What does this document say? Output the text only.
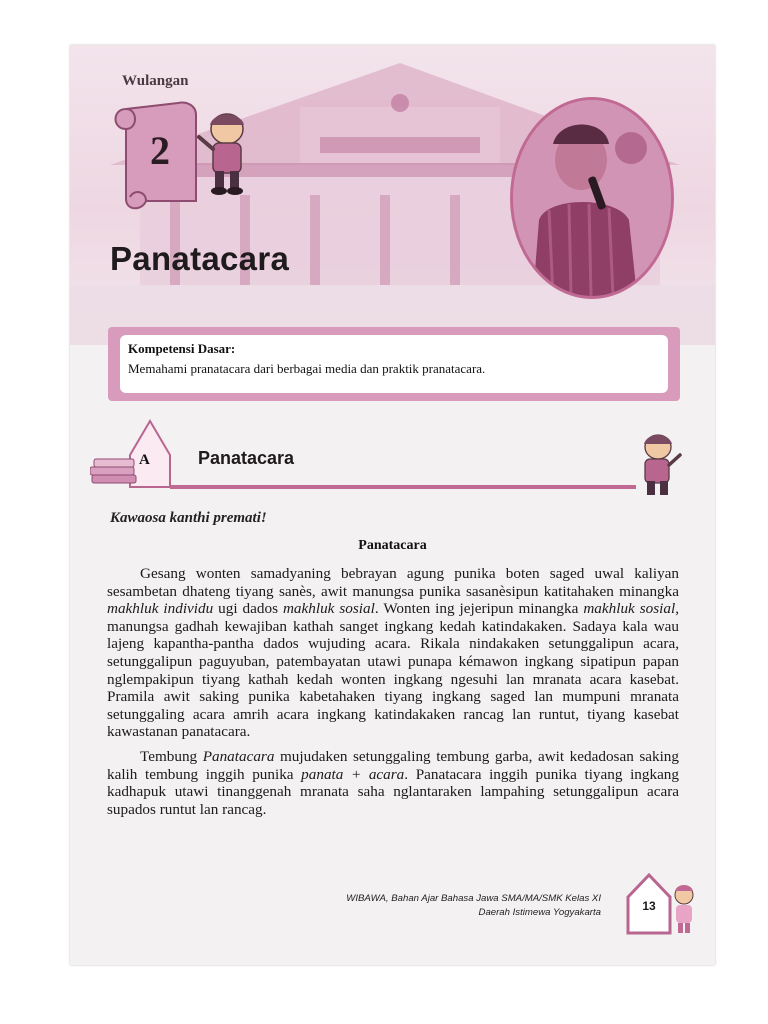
Wulangan
2
Panatacara
Kompetensi Dasar:
Memahami pranatacara dari berbagai media dan praktik pranatacara.
A	Panatacara
Kawaosa kanthi premati!
Panatacara

Gesang wonten samadyaning bebrayan agung punika boten saged uwal kaliyan sesambetan dhateng tiyang sanès, awit manungsa punika sasanèsipun katitahaken minangka makhluk individu ugi dados makhluk sosial. Wonten ing jejeripun minangka makhluk sosial, manungsa gadhah kewajiban kathah sanget ingkang kedah katindakaken. Sadaya kala wau lajeng kapantha-pantha dados wujuding acara. Rikala nindakaken setunggalipun acara, setunggalipun paguyuban, patembayatan utawi punapa kémawon ingkang sipatipun papan nglempakipun tiyang kathah kedah wonten ingkang ngesuhi lan mranata acara kasebat. Pramila awit saking punika kabetahaken tiyang ingkang saged lan mumpuni mranata setunggaling acara amrih acara ingkang katindakaken rancag lan runtut, tiyang kasebat kawastanan panatacara.

Tembung Panatacara mujudaken setunggaling tembung garba, awit kedadosan saking kalih tembung inggih punika panata + acara. Panatacara inggih punika tiyang ingkang kadhapuk utawi tinanggenah mranata saha nglantaraken lampahing setunggalipun acara supados runtut lan rancag.

WIBAWA, Bahan Ajar Bahasa Jawa SMA/MA/SMK Kelas XI
Daerah Istimewa Yogyakarta	13
